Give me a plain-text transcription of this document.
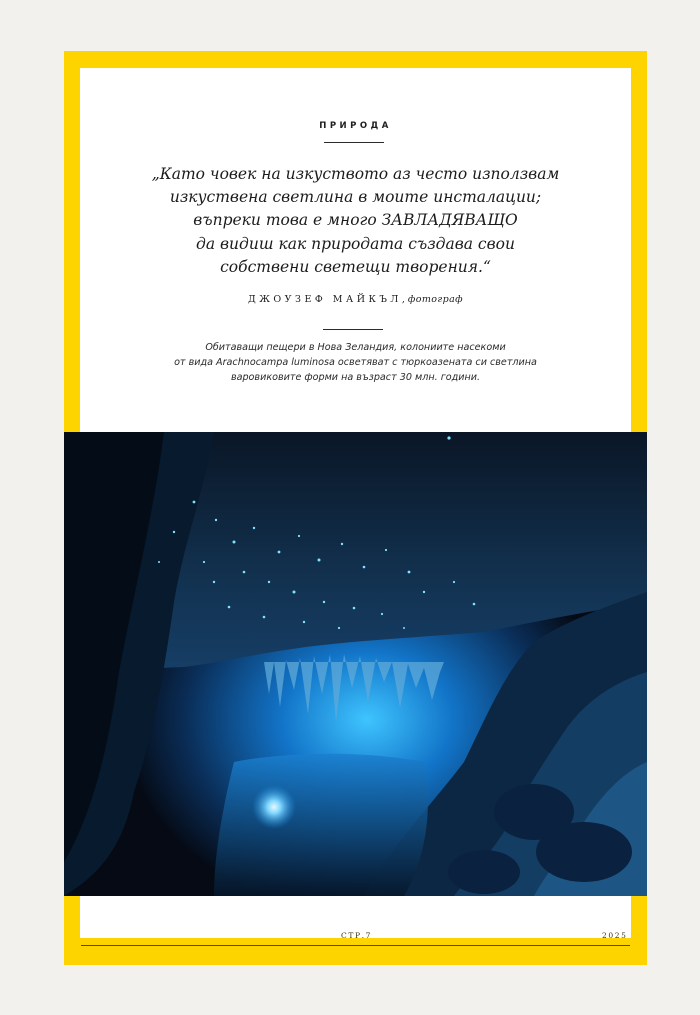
ПРИРОДА
„Като човек на изкуството аз често използвам
изкуствена светлина в моите инсталации;
въпреки това е много ЗАВЛАДЯВАЩО
да видиш как природата създава свои
собствени светещи творения.“
ДЖОУЗЕФ МАЙКЪЛ, фотограф
Обитаващи пещери в Нова Зеландия, колониите насекоми
от вида Arachnocampa luminosa осветяват с тюркоазената си светлина
варовиковите форми на възраст 30 млн. години.
СТР.7	2025
